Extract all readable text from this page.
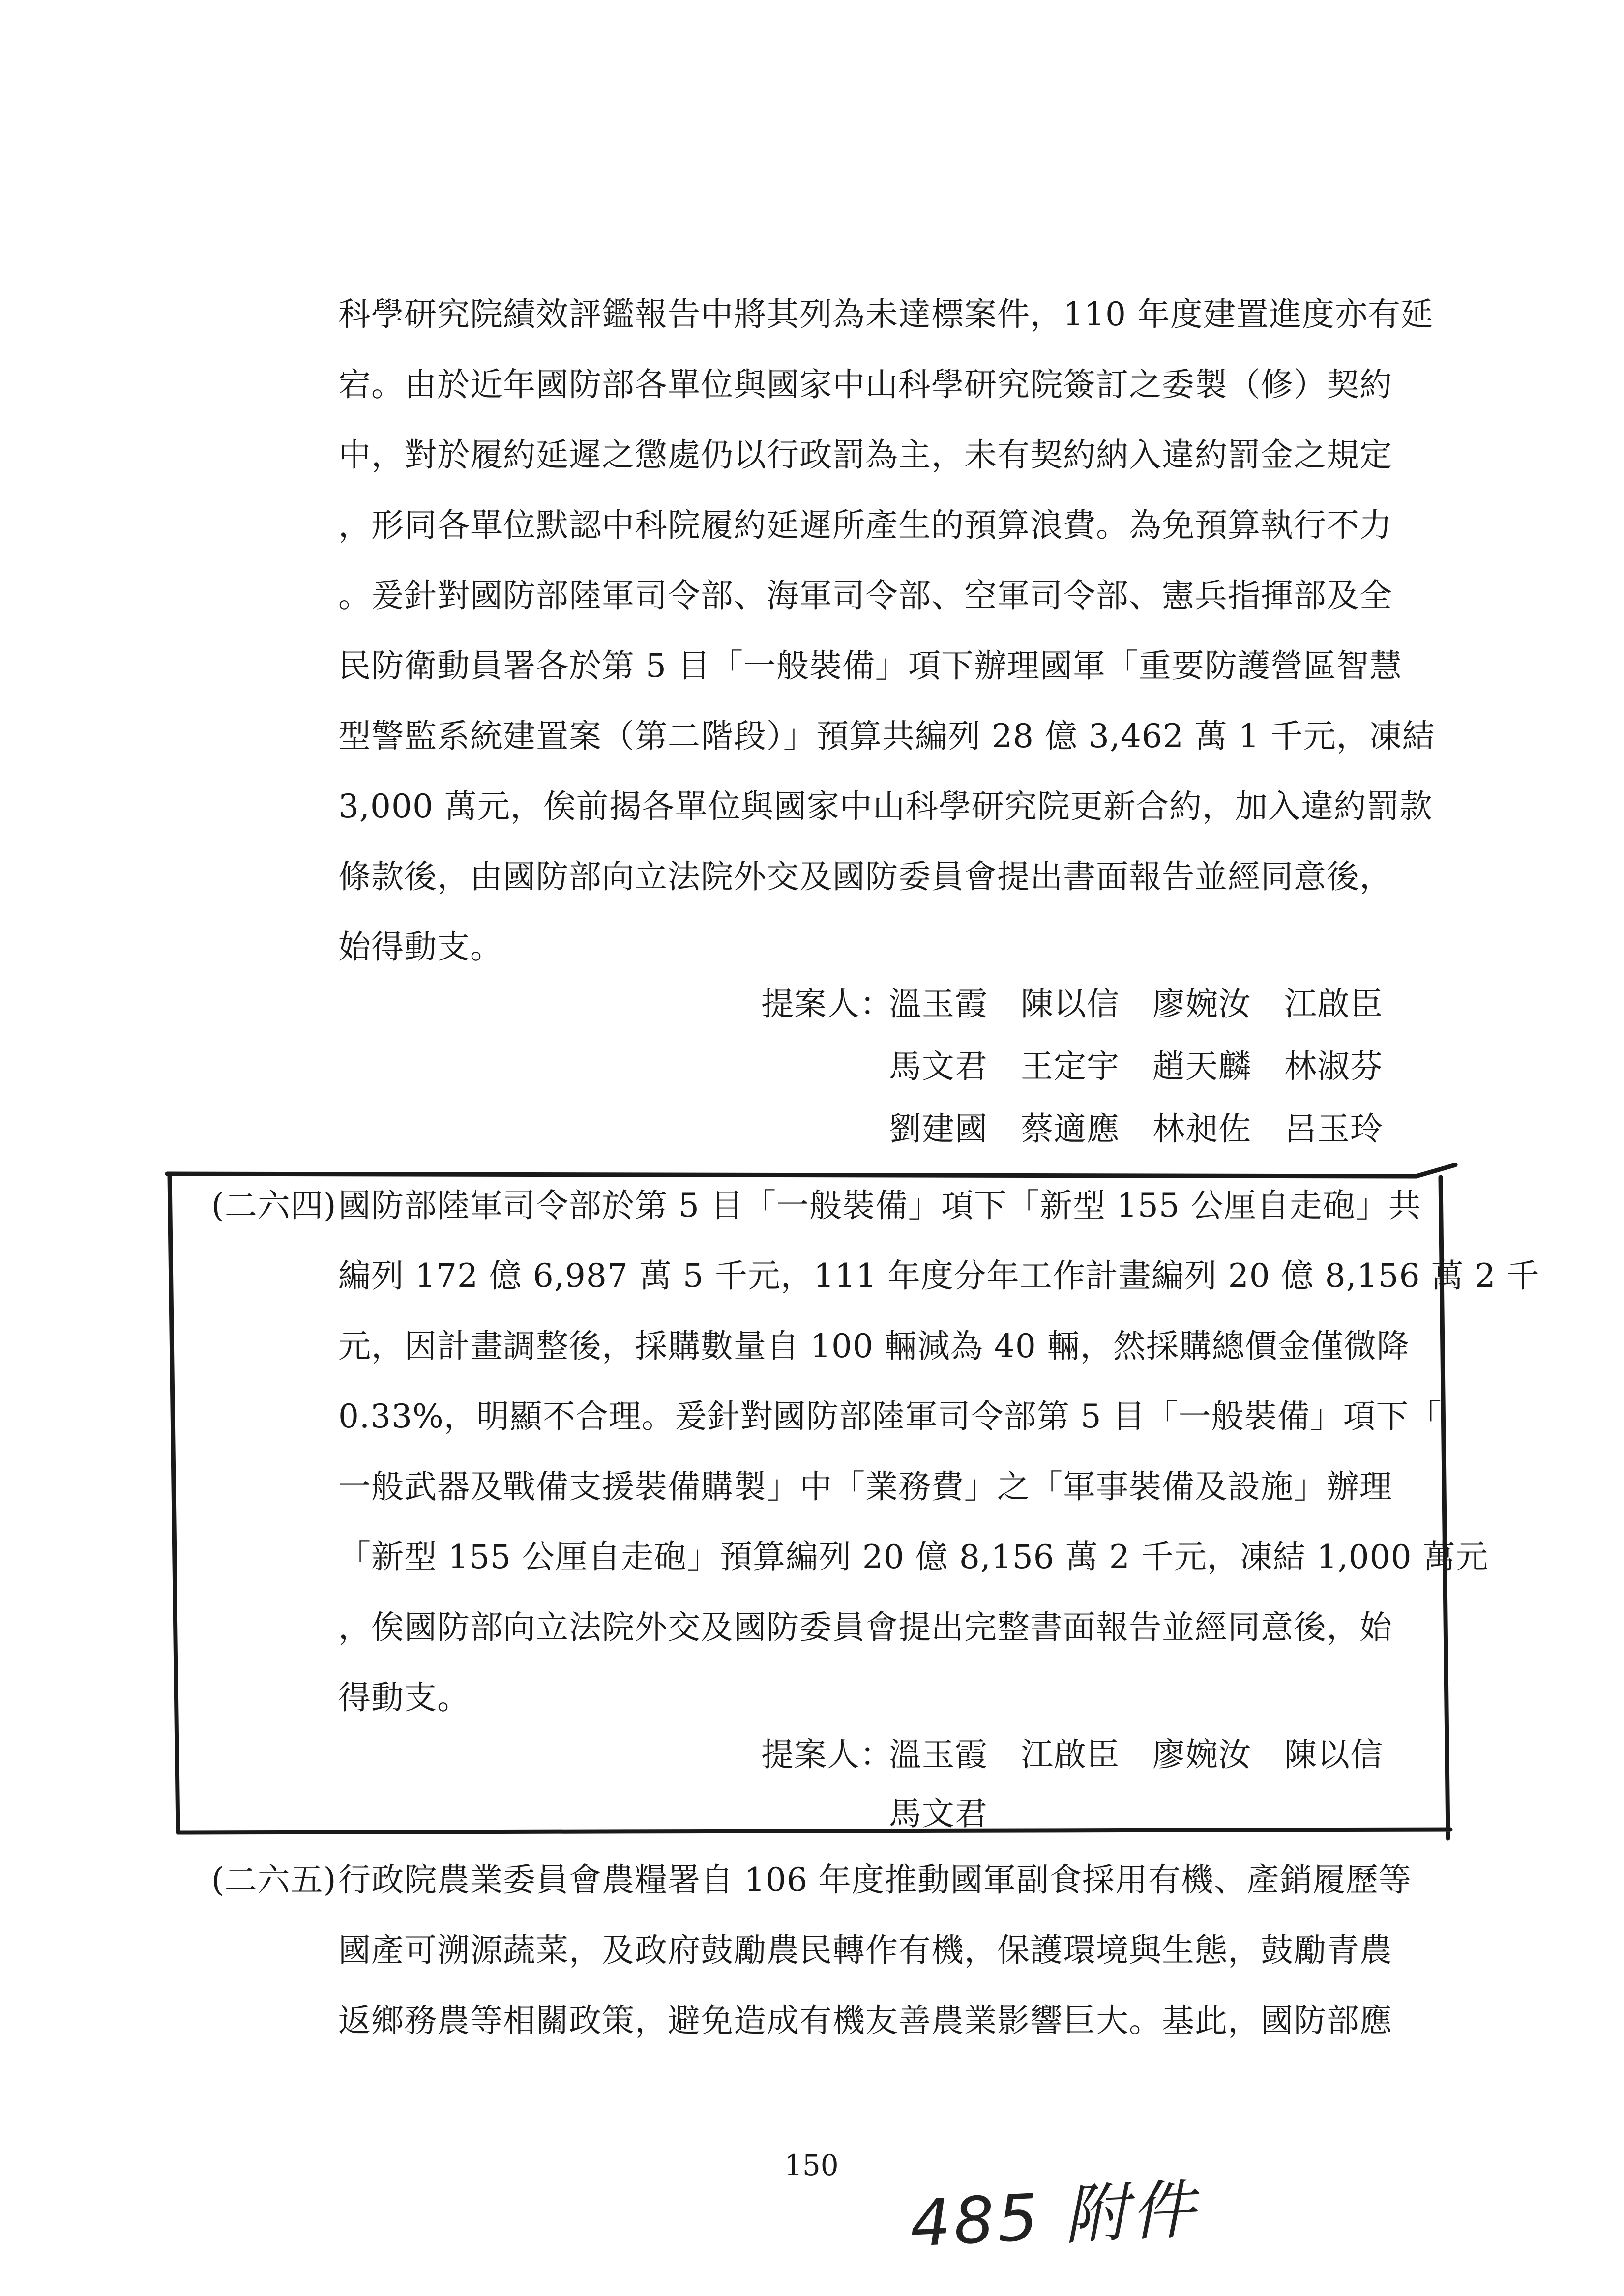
科學研究院績效評鑑報告中將其列為未達標案件，110 年度建置進度亦有延
宕。由於近年國防部各單位與國家中山科學研究院簽訂之委製（修）契約
中，對於履約延遲之懲處仍以行政罰為主，未有契約納入違約罰金之規定
，形同各單位默認中科院履約延遲所產生的預算浪費。為免預算執行不力
。爰針對國防部陸軍司令部、海軍司令部、空軍司令部、憲兵指揮部及全
民防衛動員署各於第 5 目「一般裝備」項下辦理國軍「重要防護營區智慧
型警監系統建置案（第二階段）」預算共編列 28 億 3,462 萬 1 千元，凍結
3,000 萬元，俟前揭各單位與國家中山科學研究院更新合約，加入違約罰款
條款後，由國防部向立法院外交及國防委員會提出書面報告並經同意後，
始得動支。
提案人：
溫玉霞　陳以信　廖婉汝　江啟臣
馬文君　王定宇　趙天麟　林淑芬
劉建國　蔡適應　林昶佐　呂玉玲
(二六四) 國防部陸軍司令部於第 5 目「一般裝備」項下「新型 155 公厘自走砲」共
編列 172 億 6,987 萬 5 千元，111 年度分年工作計畫編列 20 億 8,156 萬 2 千
元，因計畫調整後，採購數量自 100 輛減為 40 輛，然採購總價金僅微降
0.33%，明顯不合理。爰針對國防部陸軍司令部第 5 目「一般裝備」項下「
一般武器及戰備支援裝備購製」中「業務費」之「軍事裝備及設施」辦理
「新型 155 公厘自走砲」預算編列 20 億 8,156 萬 2 千元，凍結 1,000 萬元
，俟國防部向立法院外交及國防委員會提出完整書面報告並經同意後，始
得動支。
提案人：
溫玉霞　江啟臣　廖婉汝　陳以信
馬文君
(二六五) 行政院農業委員會農糧署自 106 年度推動國軍副食採用有機、產銷履歷等
國產可溯源蔬菜，及政府鼓勵農民轉作有機，保護環境與生態，鼓勵青農
返鄉務農等相關政策，避免造成有機友善農業影響巨大。基此，國防部應
150
485 附件
